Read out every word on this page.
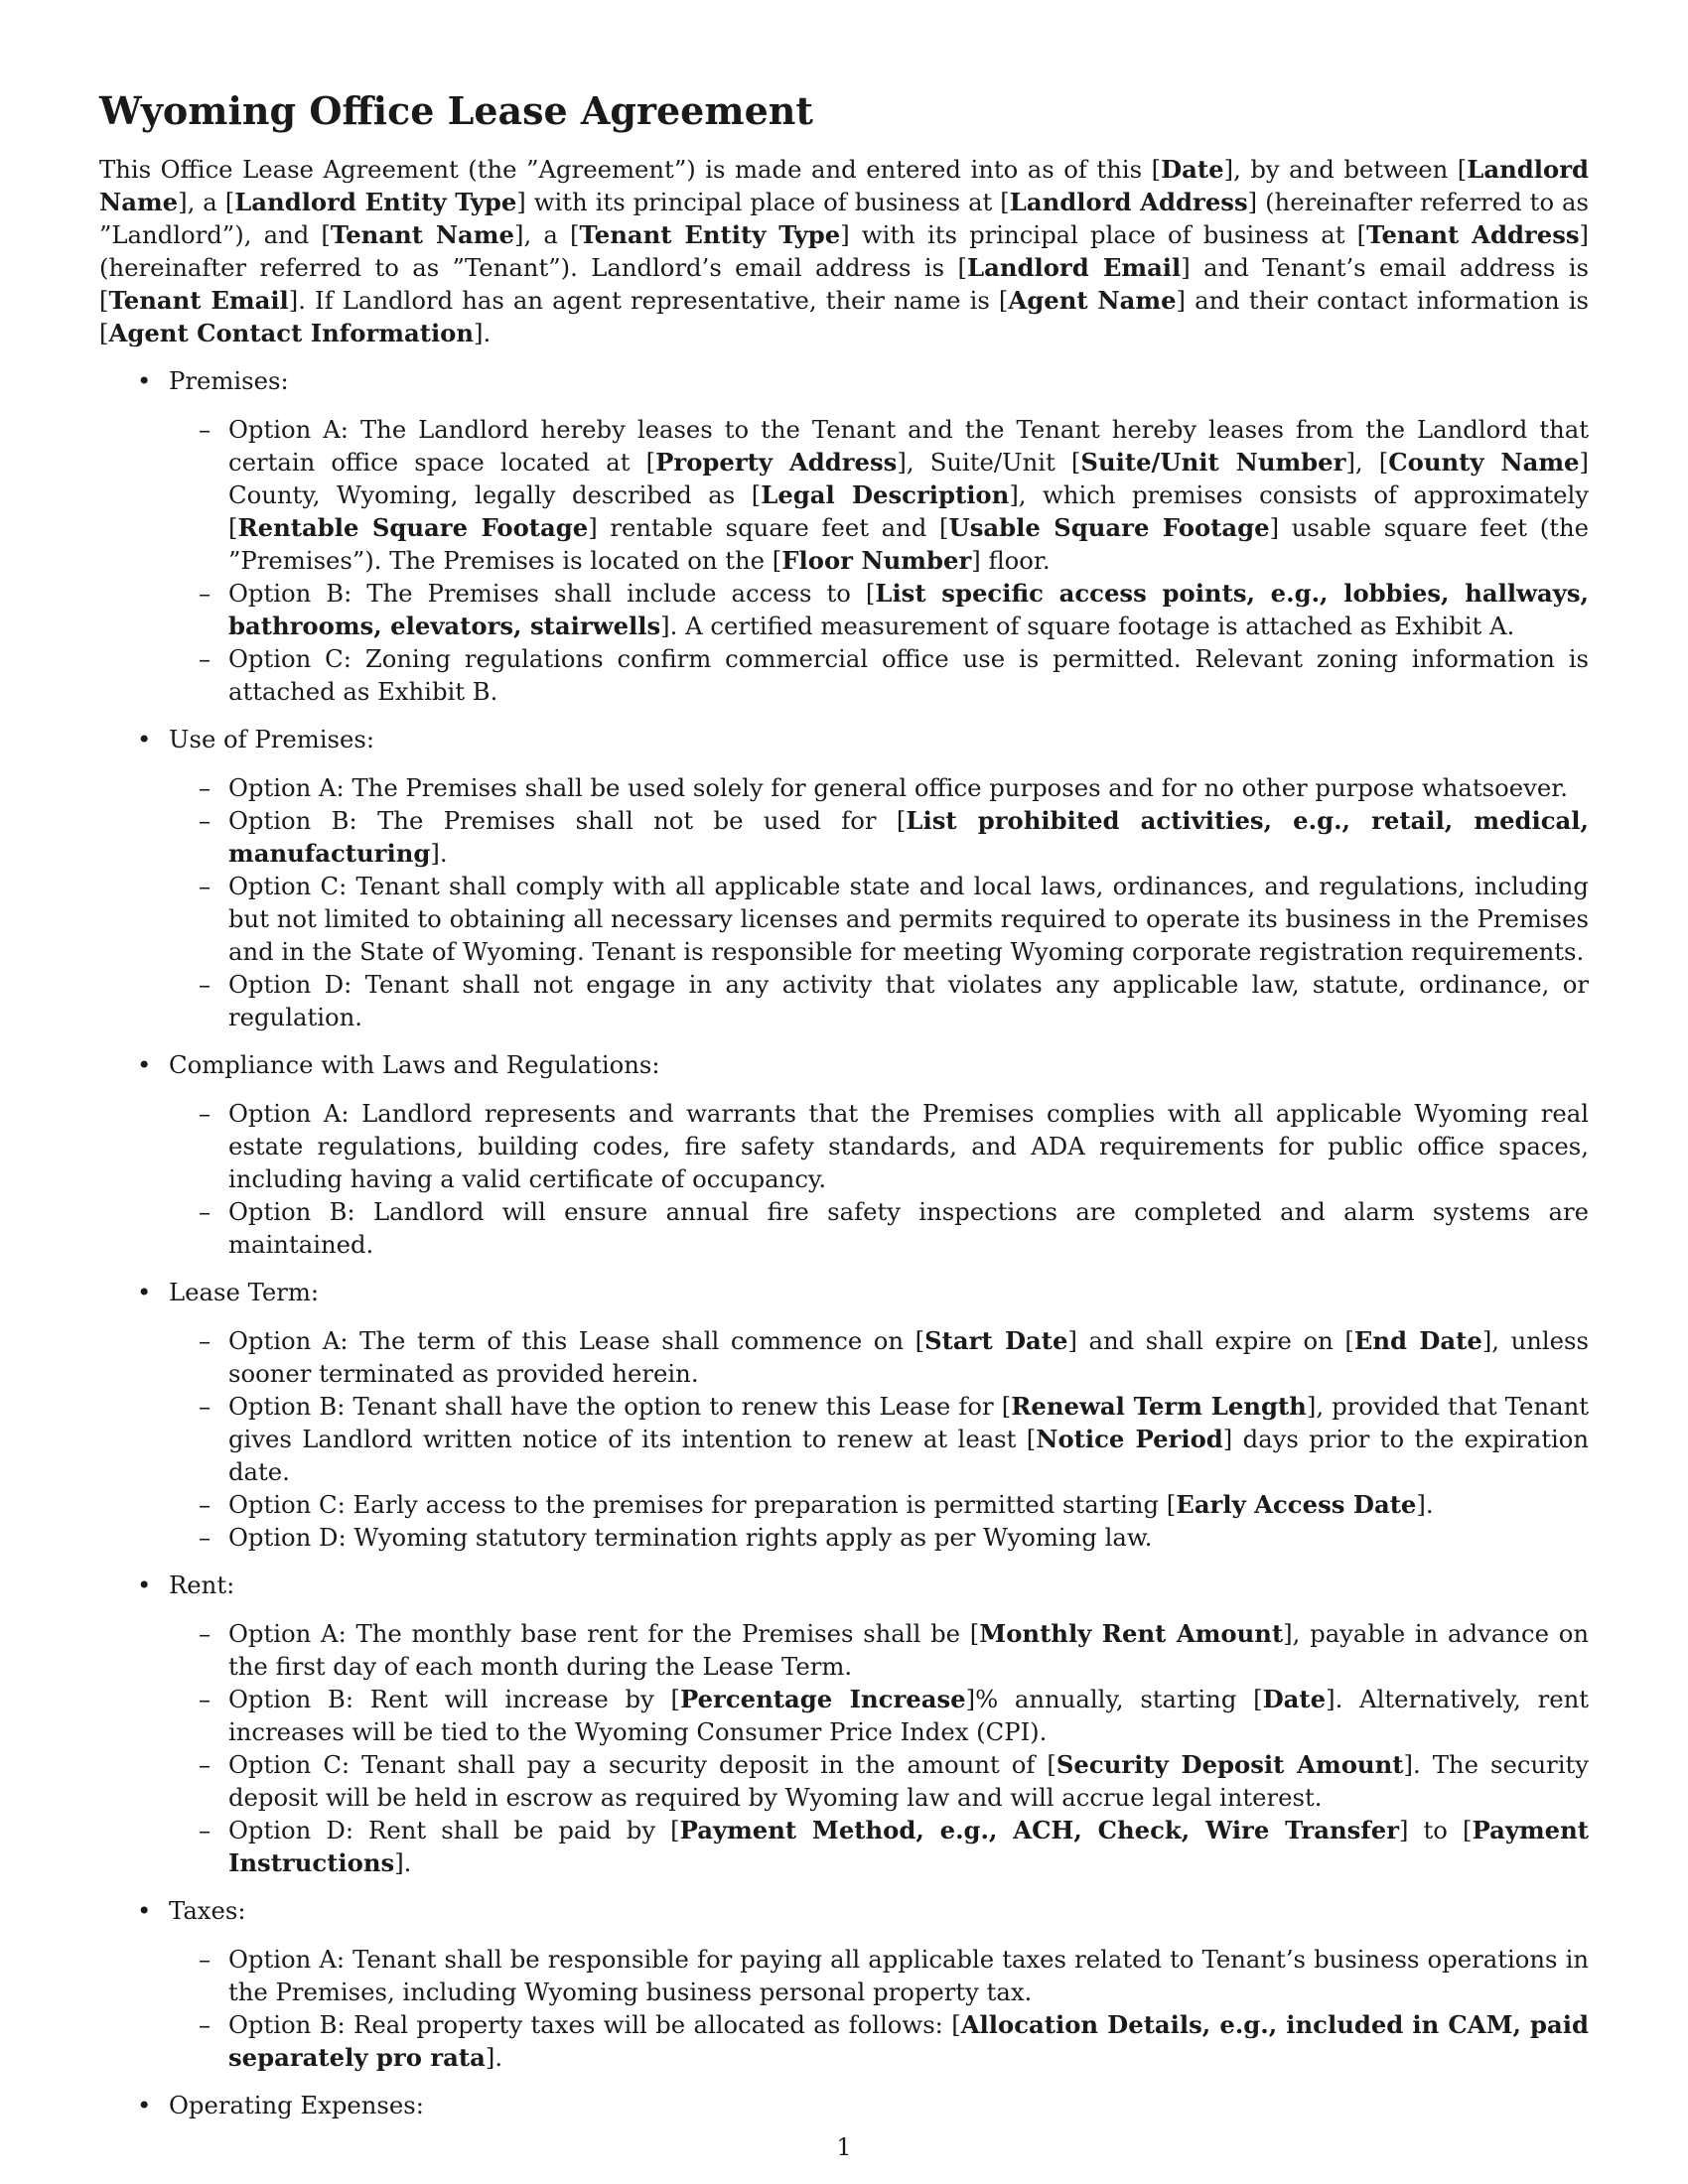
Wyoming Office Lease Agreement

This Office Lease Agreement (the ”Agreement”) is made and entered into as of this [Date], by and between [Landlord Name], a [Landlord Entity Type] with its principal place of business at [Landlord Address] (hereinafter referred to as ”Landlord”), and [Tenant Name], a [Tenant Entity Type] with its principal place of business at [Tenant Address] (hereinafter referred to as ”Tenant”). Landlord’s email address is [Landlord Email] and Tenant’s email address is [Tenant Email]. If Landlord has an agent representative, their name is [Agent Name] and their contact information is [Agent Contact Information].

• Premises:
– Option A: The Landlord hereby leases to the Tenant and the Tenant hereby leases from the Landlord that certain office space located at [Property Address], Suite/Unit [Suite/Unit Number], [County Name] County, Wyoming, legally described as [Legal Description], which premises consists of approximately [Rentable Square Footage] rentable square feet and [Usable Square Footage] usable square feet (the ”Premises”). The Premises is located on the [Floor Number] floor.
– Option B: The Premises shall include access to [List specific access points, e.g., lobbies, hallways, bathrooms, elevators, stairwells]. A certified measurement of square footage is attached as Exhibit A.
– Option C: Zoning regulations confirm commercial office use is permitted. Relevant zoning information is attached as Exhibit B.
• Use of Premises:
– Option A: The Premises shall be used solely for general office purposes and for no other purpose whatsoever.
– Option B: The Premises shall not be used for [List prohibited activities, e.g., retail, medical, manufacturing].
– Option C: Tenant shall comply with all applicable state and local laws, ordinances, and regulations, including but not limited to obtaining all necessary licenses and permits required to operate its business in the Premises and in the State of Wyoming. Tenant is responsible for meeting Wyoming corporate registration requirements.
– Option D: Tenant shall not engage in any activity that violates any applicable law, statute, ordinance, or regulation.
• Compliance with Laws and Regulations:
– Option A: Landlord represents and warrants that the Premises complies with all applicable Wyoming real estate regulations, building codes, fire safety standards, and ADA requirements for public office spaces, including having a valid certificate of occupancy.
– Option B: Landlord will ensure annual fire safety inspections are completed and alarm systems are maintained.
• Lease Term:
– Option A: The term of this Lease shall commence on [Start Date] and shall expire on [End Date], unless sooner terminated as provided herein.
– Option B: Tenant shall have the option to renew this Lease for [Renewal Term Length], provided that Tenant gives Landlord written notice of its intention to renew at least [Notice Period] days prior to the expiration date.
– Option C: Early access to the premises for preparation is permitted starting [Early Access Date].
– Option D: Wyoming statutory termination rights apply as per Wyoming law.
• Rent:
– Option A: The monthly base rent for the Premises shall be [Monthly Rent Amount], payable in advance on the first day of each month during the Lease Term.
– Option B: Rent will increase by [Percentage Increase]% annually, starting [Date]. Alternatively, rent increases will be tied to the Wyoming Consumer Price Index (CPI).
– Option C: Tenant shall pay a security deposit in the amount of [Security Deposit Amount]. The security deposit will be held in escrow as required by Wyoming law and will accrue legal interest.
– Option D: Rent shall be paid by [Payment Method, e.g., ACH, Check, Wire Transfer] to [Payment Instructions].
• Taxes:
– Option A: Tenant shall be responsible for paying all applicable taxes related to Tenant’s business operations in the Premises, including Wyoming business personal property tax.
– Option B: Real property taxes will be allocated as follows: [Allocation Details, e.g., included in CAM, paid separately pro rata].
• Operating Expenses:
1
